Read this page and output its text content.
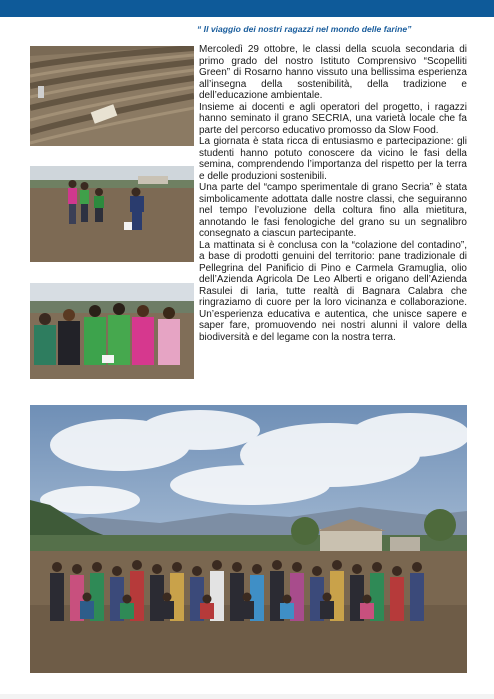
“ Il viaggio dei nostri ragazzi nel mondo delle farine”

Mercoledì 29 ottobre, le classi della scuola secondaria di primo grado del nostro Istituto Comprensivo “Scopelliti Green” di Rosarno hanno vissuto una bellissima esperienza all’insegna della sostenibilità, della tradizione e dell’educazione ambientale.

Insieme ai docenti e agli operatori del progetto, i ragazzi hanno seminato il grano SECRIA, una varietà locale che fa parte del percorso educativo promosso da Slow Food.

La giornata è stata ricca di entusiasmo e partecipazione: gli studenti hanno potuto conoscere da vicino le fasi della semina, comprendendo l’importanza del rispetto per la terra e delle produzioni sostenibili.

Una parte del “campo sperimentale di grano Secria” è stata simbolicamente adottata dalle nostre classi, che seguiranno nel tempo l’evoluzione della coltura fino alla mietitura, annotando le fasi fenologiche del grano su un segnalibro consegnato a ciascun partecipante.

La mattinata si è conclusa con la “colazione del contadino”, a base di prodotti genuini del territorio: pane tradizionale di Pellegrina del Panificio di Pino e Carmela Gramuglia, olio dell’Azienda Agricola De Leo Alberti e origano dell’Azienda Rasulei di Iaria, tutte realtà di Bagnara Calabra che ringraziamo di cuore per la loro vicinanza e collaborazione. Un’esperienza educativa e autentica, che unisce sapere e saper fare, promuovendo nei nostri alunni il valore della biodiversità e del legame con la nostra terra.
